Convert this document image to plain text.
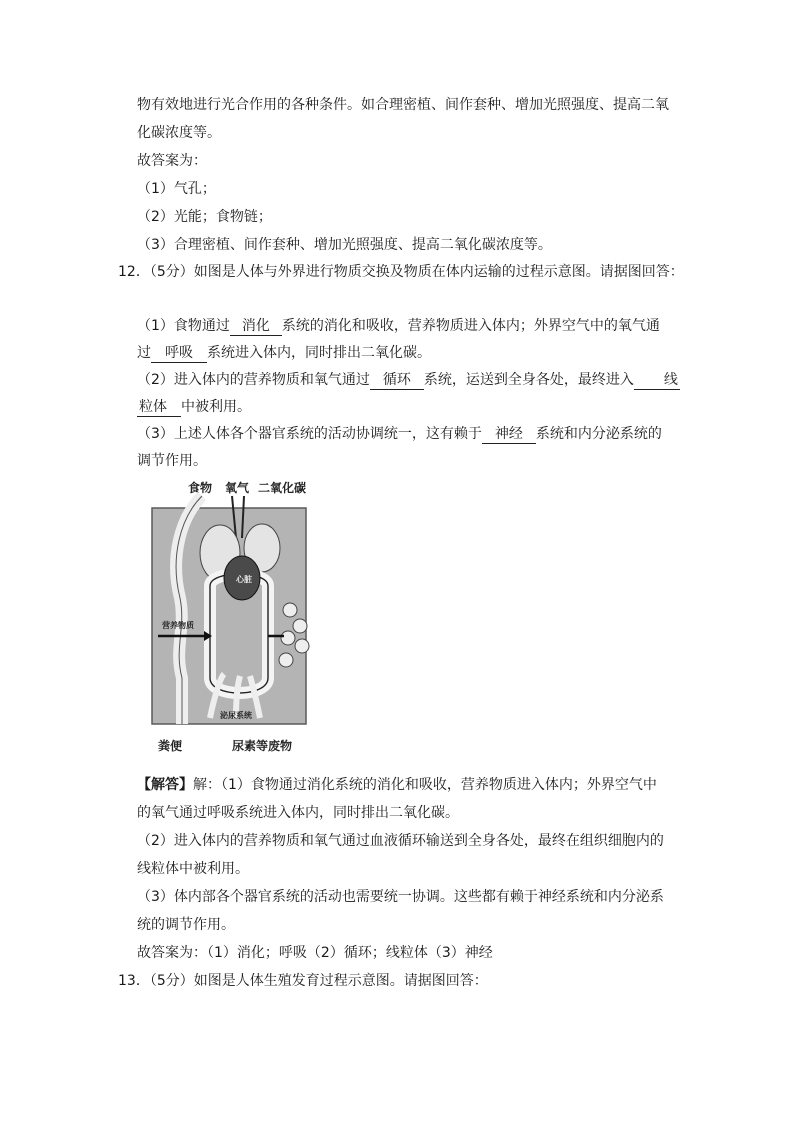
物有效地进行光合作用的各种条件。如合理密植、间作套种、增加光照强度、提高二氧
化碳浓度等。
故答案为：
（1）气孔；
（2）光能；食物链；
（3）合理密植、间作套种、增加光照强度、提高二氧化碳浓度等。
12．（5分）如图是人体与外界进行物质交换及物质在体内运输的过程示意图。请据图回答：
（1）食物通过 消化 系统的消化和吸收，营养物质进入体内；外界空气中的氧气通
过 呼吸 系统进入体内，同时排出二氧化碳。
（2）进入体内的营养物质和氧气通过 循环 系统，运送到全身各处，最终进入 线
粒体 中被利用。
（3）上述人体各个器官系统的活动协调统一，这有赖于 神经 系统和内分泌系统的
调节作用。
食物 氧气 二氧化碳
心脏
营养物质
泌尿系统
粪便	尿素等废物
【解答】解：（1）食物通过消化系统的消化和吸收，营养物质进入体内；外界空气中
的氧气通过呼吸系统进入体内，同时排出二氧化碳。
（2）进入体内的营养物质和氧气通过血液循环输送到全身各处，最终在组织细胞内的
线粒体中被利用。
（3）体内部各个器官系统的活动也需要统一协调。这些都有赖于神经系统和内分泌系
统的调节作用。
故答案为：（1）消化；呼吸（2）循环；线粒体（3）神经
13．（5分）如图是人体生殖发育过程示意图。请据图回答：
